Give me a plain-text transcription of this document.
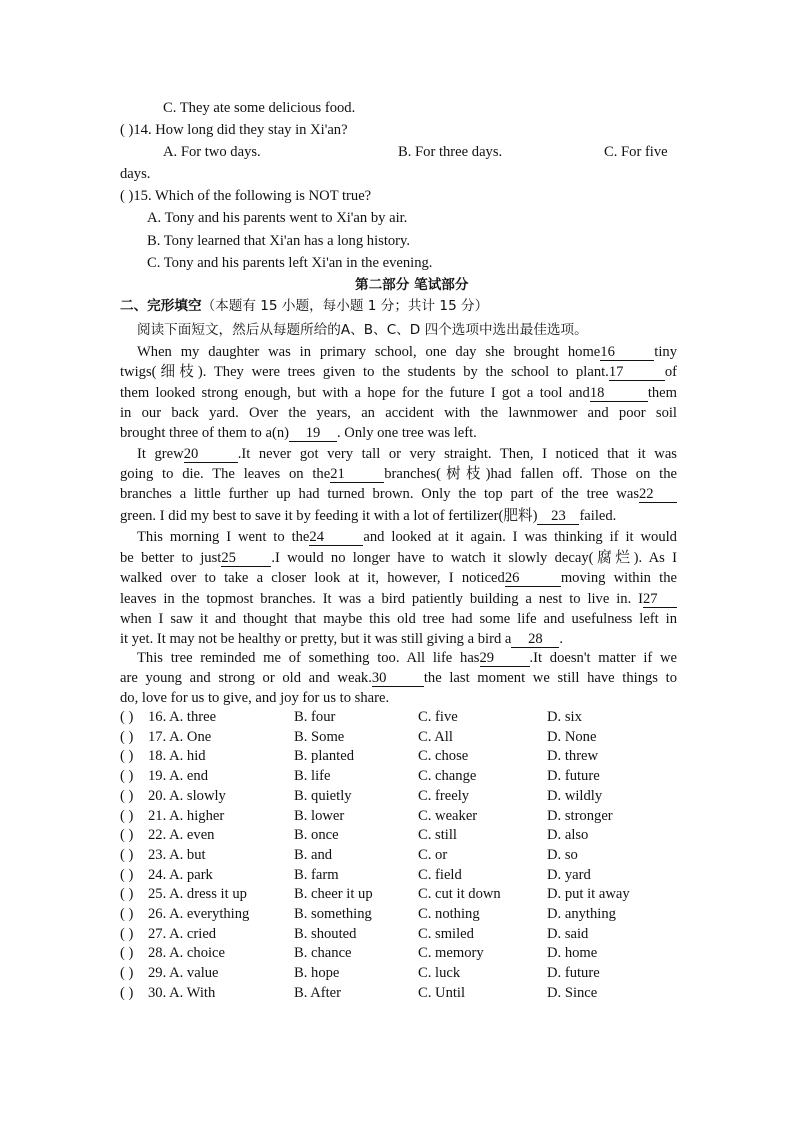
C. They ate some delicious food.
( )14. How long did they stay in Xi'an?
A. For two days.	B. For three days.	C. For five
days.
( )15. Which of the following is NOT true?
A. Tony and his parents went to Xi'an by air.
B. Tony learned that Xi'an has a long history.
C. Tony and his parents left Xi'an in the evening.
第二部分 笔试部分
二、完形填空（本题有 15 小题，每小题 1 分；共计 15 分）
阅读下面短文，然后从每题所给的A、B、C、D 四个选项中选出最佳选项。
When my daughter was in primary school, one day she brought home16	tiny
twigs(细枝). They were trees given to the students by the school to plant.17	of
them looked strong enough, but with a hope for the future I got a tool and18	them
in our back yard. Over the years, an accident with the lawnmower and poor soil
brought three of them to a(n) 19 . Only one tree was left.
It grew20	.It never got very tall or very straight. Then, I noticed that it was
going to die. The leaves on the21	branches(树枝)had fallen off. Those on the
branches a little further up had turned brown. Only the top part of the tree was22
green. I did my best to save it by feeding it with a lot of fertilizer(肥料) 23 failed.
This morning I went to the24	and looked at it again. I was thinking if it would
be better to just25 .I would no longer have to watch it slowly decay(腐烂). As I
walked over to take a closer look at it, however, I noticed26	moving within the
leaves in the topmost branches. It was a bird patiently building a nest to live in. I27
when I saw it and thought that maybe this old tree had some life and usefulness left in
it yet. It may not be healthy or pretty, but it was still giving a bird a 28 .
This tree reminded me of something too. All life has29 .It doesn't matter if we
are young and strong or old and weak.30	the last moment we still have things to
do, love for us to give, and joy for us to share.
( ) 16. A. three	B. four	C. five	D. six
( ) 17. A. One	B. Some	C. All	D. None
( ) 18. A. hid	B. planted	C. chose	D. threw
( ) 19. A. end	B. life	C. change	D. future
( ) 20. A. slowly	B. quietly	C. freely	D. wildly
( ) 21. A. higher	B. lower	C. weaker	D. stronger
( ) 22. A. even	B. once	C. still	D. also
( ) 23. A. but	B. and	C. or	D. so
( ) 24. A. park	B. farm	C. field	D. yard
( ) 25. A. dress it up	B. cheer it up	C. cut it down	D. put it away
( ) 26. A. everything	B. something	C. nothing	D. anything
( ) 27. A. cried	B. shouted	C. smiled	D. said
( ) 28. A. choice	B. chance	C. memory	D. home
( ) 29. A. value	B. hope	C. luck	D. future
( ) 30. A. With	B. After	C. Until	D. Since
